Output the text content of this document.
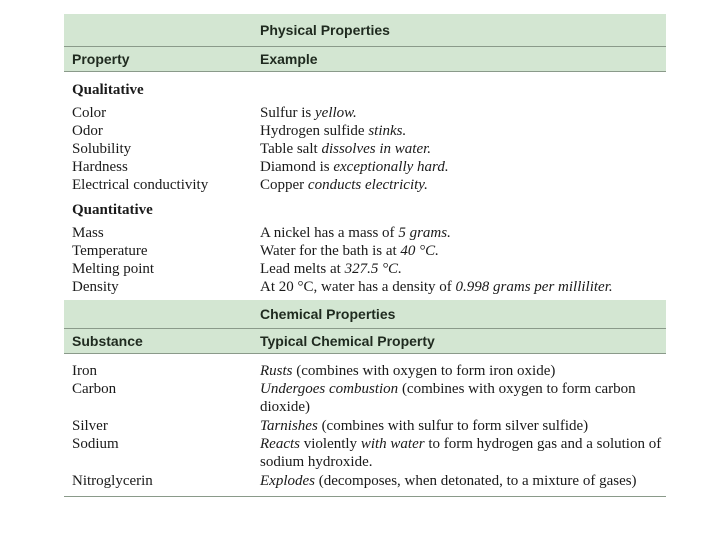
Physical Properties
Property	Example
Qualitative
Color	Sulfur is yellow.
Odor	Hydrogen sulfide stinks.
Solubility	Table salt dissolves in water.
Hardness	Diamond is exceptionally hard.
Electrical conductivity	Copper conducts electricity.
Quantitative
Mass	A nickel has a mass of 5 grams.
Temperature	Water for the bath is at 40 °C.
Melting point	Lead melts at 327.5 °C.
Density	At 20 °C, water has a density of 0.998 grams per milliliter.
Chemical Properties
Substance	Typical Chemical Property
Iron	Rusts (combines with oxygen to form iron oxide)
Carbon	Undergoes combustion (combines with oxygen to form carbon dioxide)
Silver	Tarnishes (combines with sulfur to form silver sulfide)
Sodium	Reacts violently with water to form hydrogen gas and a solution of sodium hydroxide.
Nitroglycerin	Explodes (decomposes, when detonated, to a mixture of gases)
